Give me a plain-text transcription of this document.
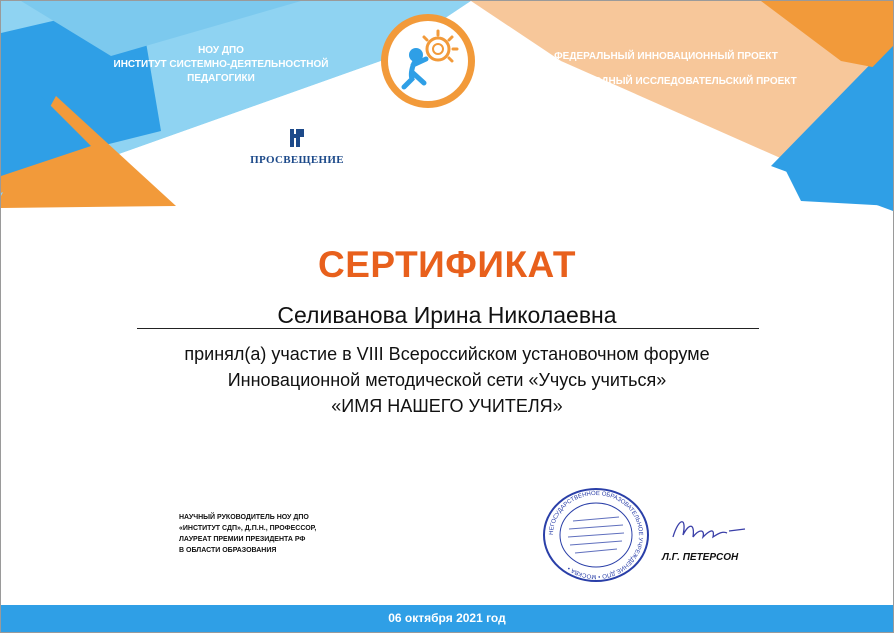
НОУ ДПО
ИНСТИТУТ СИСТЕМНО-ДЕЯТЕЛЬНОСТНОЙ
ПЕДАГОГИКИ
ФЕДЕРАЛЬНЫЙ ИННОВАЦИОННЫЙ ПРОЕКТ
МЕЖДУНАРОДНЫЙ ИССЛЕДОВАТЕЛЬСКИЙ ПРОЕКТ
ПРОСВЕЩЕНИЕ
СЕРТИФИКАТ
Селиванова Ирина Николаевна
принял(а) участие в VIII Всероссийском установочном форуме
Инновационной методической сети «Учусь учиться»
«ИМЯ НАШЕГО УЧИТЕЛЯ»
НАУЧНЫЙ РУКОВОДИТЕЛЬ НОУ ДПО
«ИНСТИТУТ СДП», Д.П.Н., ПРОФЕССОР,
ЛАУРЕАТ ПРЕМИИ ПРЕЗИДЕНТА РФ
В ОБЛАСТИ ОБРАЗОВАНИЯ
НЕГОСУДАРСТВЕННОЕ ОБРАЗОВАТЕЛЬНОЕ УЧРЕЖДЕНИЕ ДПО • МОСКВА •
Л.Г. ПЕТЕРСОН
06 октября 2021 год
